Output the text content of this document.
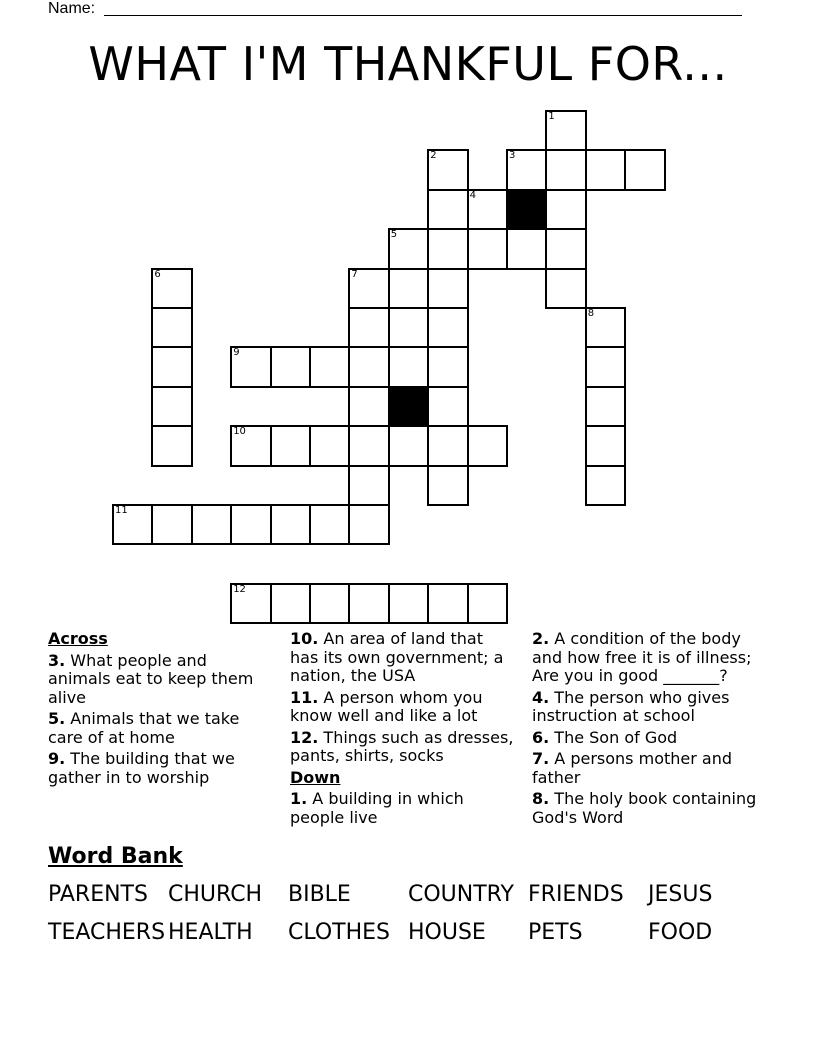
Name:
WHAT I'M THANKFUL FOR...
1
3
2
4
5
7
6
9
10
11
8
12
Across
3. What people and animals eat to keep them alive
5. Animals that we take care of at home
9. The building that we gather in to worship
10. An area of land that has its own government; a nation, the USA
11. A person whom you know well and like a lot
12. Things such as dresses, pants, shirts, socks
Down
1. A building in which people live
2. A condition of the body and how free it is of illness; Are you in good _______?
4. The person who gives instruction at school
6. The Son of God
7. A persons mother and father
8. The holy book containing God's Word
Word Bank
PARENTS CHURCH BIBLE	COUNTRY FRIENDS JESUS
TEACHERS HEALTH CLOTHES HOUSE PETS	FOOD
